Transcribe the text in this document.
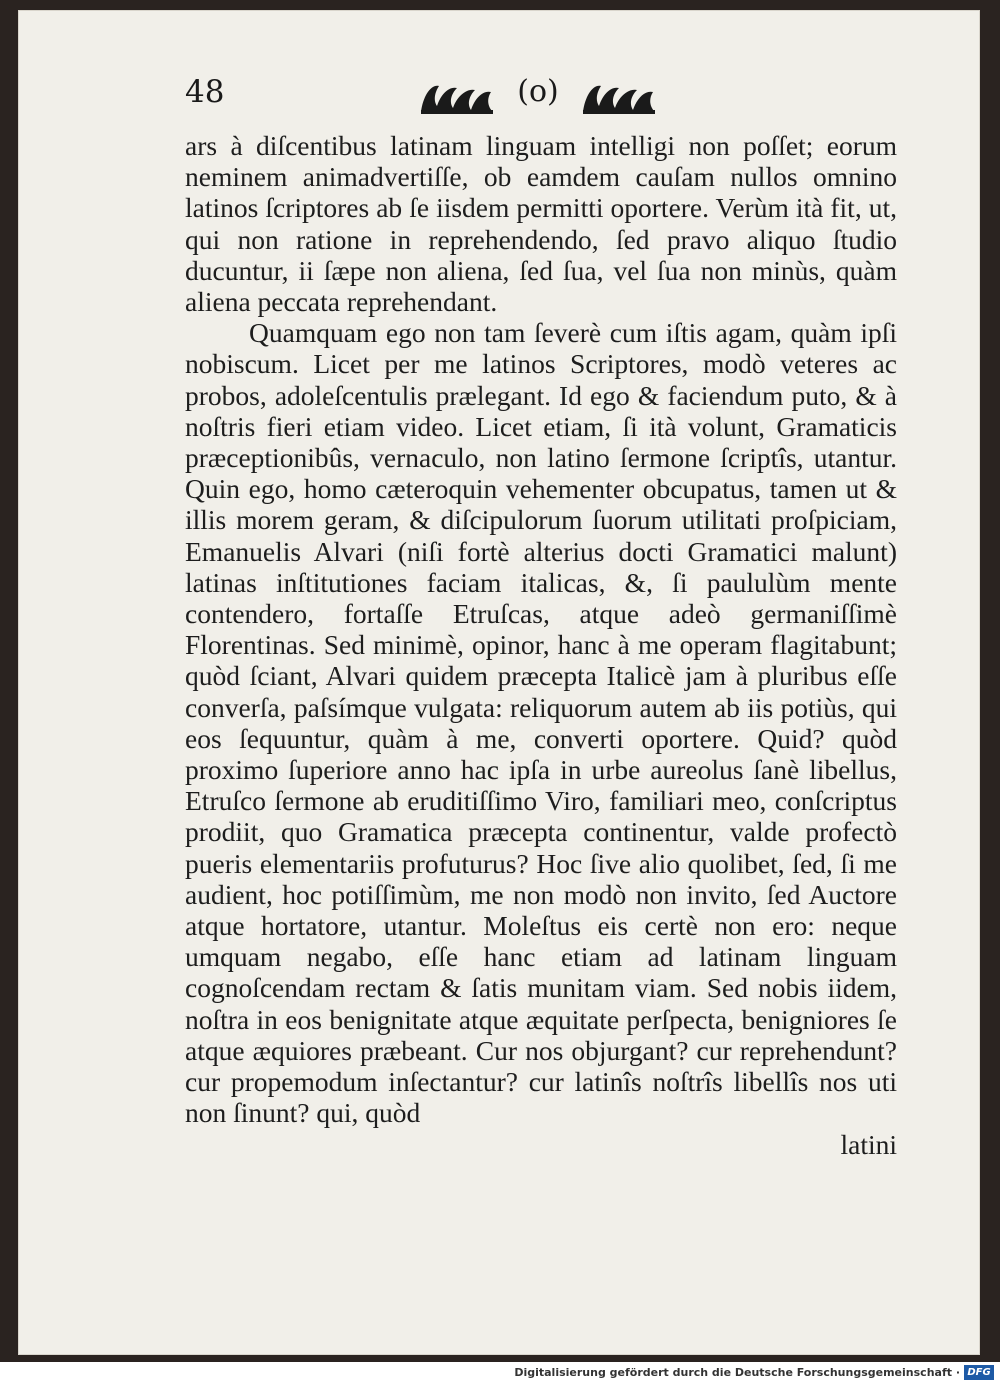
48	(o)

ars à diſcentibus latinam linguam intelligi non poſſet; eorum neminem animadvertiſſe, ob eamdem cauſam nullos omnino latinos ſcriptores ab ſe iisdem permitti oportere. Verùm ità fit, ut, qui non ratione in reprehendendo, ſed pravo aliquo ſtudio ducuntur, ii ſæpe non aliena, ſed ſua, vel ſua non minùs, quàm aliena peccata reprehendant.

Quamquam ego non tam ſeverè cum iſtis agam, quàm ipſi nobiscum. Licet per me latinos Scriptores, modò veteres ac probos, adoleſcentulis prælegant. Id ego & faciendum puto, & à noſtris fieri etiam video. Licet etiam, ſi ità volunt, Gramaticis præceptionibûs, vernaculo, non latino ſermone ſcriptîs, utantur. Quin ego, homo cæteroquin vehementer obcupatus, tamen ut & illis morem geram, & diſcipulorum ſuorum utilitati proſpiciam, Emanuelis Alvari (niſi fortè alterius docti Gramatici malunt) latinas inſtitutiones faciam italicas, &, ſi paululùm mente contendero, fortaſſe Etruſcas, atque adeò germaniſſimè Florentinas. Sed minimè, opinor, hanc à me operam flagitabunt; quòd ſciant, Alvari quidem præcepta Italicè jam à pluribus eſſe converſa, paſsímque vulgata: reliquorum autem ab iis potiùs, qui eos ſequuntur, quàm à me, converti oportere. Quid? quòd proximo ſuperiore anno hac ipſa in urbe aureolus ſanè libellus, Etruſco ſermone ab eruditiſſimo Viro, familiari meo, conſcriptus prodiit, quo Gramatica præcepta continentur, valde profectò pueris elementariis profuturus? Hoc ſive alio quolibet, ſed, ſi me audient, hoc potiſſimùm, me non modò non invito, ſed Auctore atque hortatore, utantur. Moleſtus eis certè non ero: neque umquam negabo, eſſe hanc etiam ad latinam linguam cognoſcendam rectam & ſatis munitam viam. Sed nobis iidem, noſtra in eos benignitate atque æquitate perſpecta, benigniores ſe atque æquiores præbeant. Cur nos objurgant? cur reprehendunt? cur propemodum inſectantur? cur latinîs noſtrîs libellîs nos uti non ſinunt? qui, quòd

latini

Digitalisierung gefördert durch die Deutsche Forschungsgemeinschaft · DFG
